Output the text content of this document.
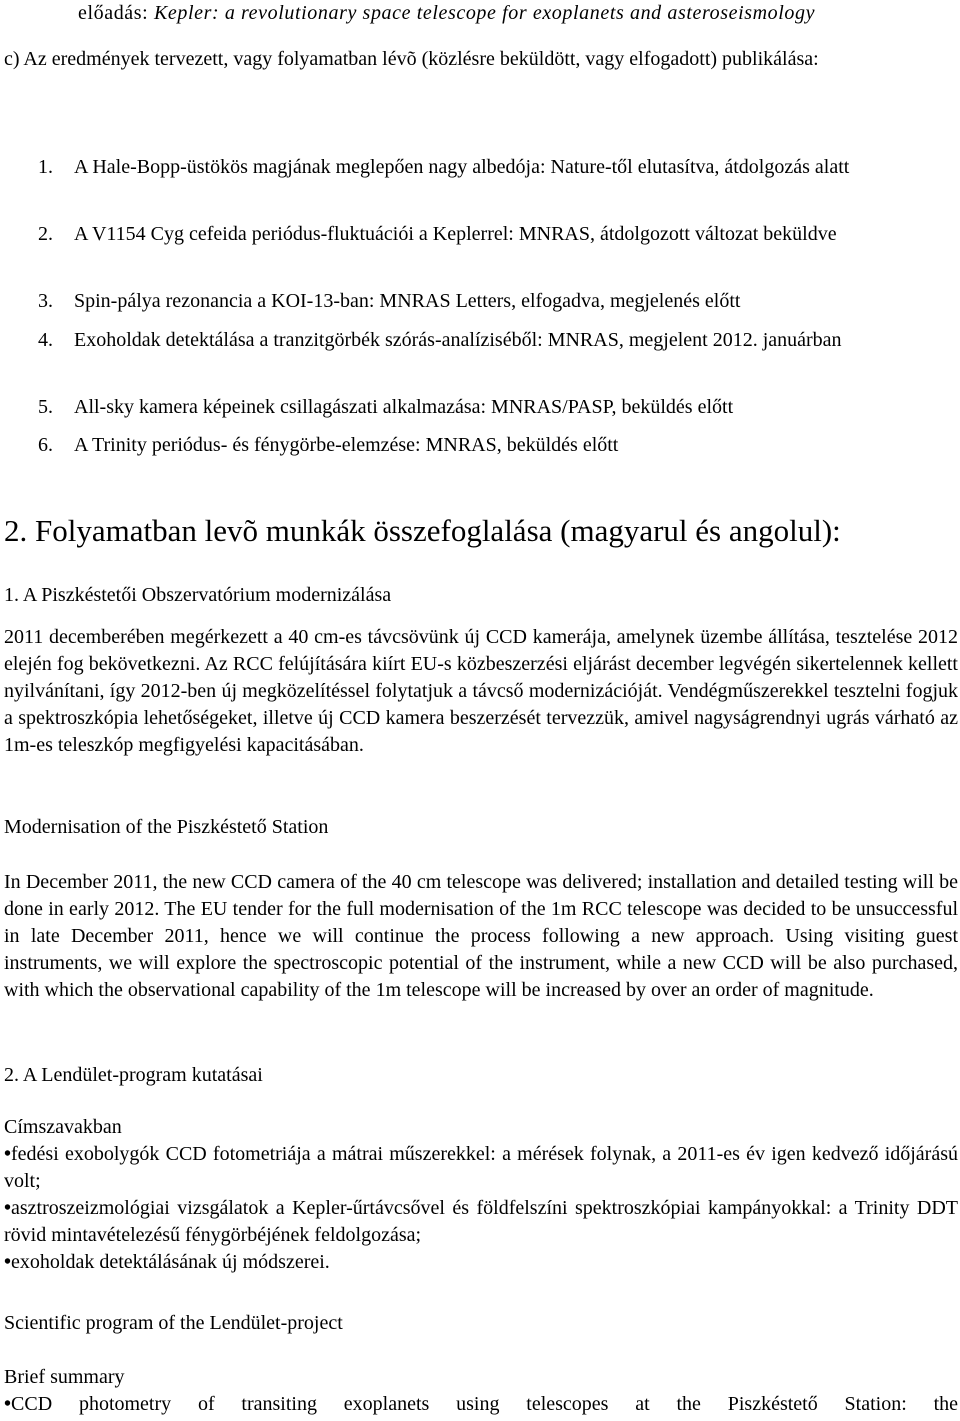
előadás: Kepler: a revolutionary space telescope for exoplanets and asteroseismology

c) Az eredmények tervezett, vagy folyamatban lévõ (közlésre beküldött, vagy elfogadott) publikálása:

1. A Hale-Bopp-üstökös magjának meglepően nagy albedója: Nature-től elutasítva, átdolgozás alatt
2. A V1154 Cyg cefeida periódus-fluktuációi a Keplerrel: MNRAS, átdolgozott változat beküldve
3. Spin-pálya rezonancia a KOI-13-ban: MNRAS Letters, elfogadva, megjelenés előtt
4. Exoholdak detektálása a tranzitgörbék szórás-analíziséből: MNRAS, megjelent 2012. januárban
5. All-sky kamera képeinek csillagászati alkalmazása: MNRAS/PASP, beküldés előtt
6. A Trinity periódus- és fénygörbe-elemzése: MNRAS, beküldés előtt

2. Folyamatban levõ munkák összefoglalása (magyarul és angolul):

1. A Piszkéstetői Obszervatórium modernizálása

2011 decemberében megérkezett a 40 cm-es távcsövünk új CCD kamerája, amelynek üzembe állítása, tesztelése 2012 elején fog bekövetkezni. Az RCC felújítására kiírt EU-s közbeszerzési eljárást december legvégén sikertelennek kellett nyilvánítani, így 2012-ben új megközelítéssel folytatjuk a távcső modernizációját. Vendégműszerekkel tesztelni fogjuk a spektroszkópia lehetőségeket, illetve új CCD kamera beszerzését tervezzük, amivel nagyságrendnyi ugrás várható az 1m-es teleszkóp megfigyelési kapacitásában.

Modernisation of the Piszkéstető Station

In December 2011, the new CCD camera of the 40 cm telescope was delivered; installation and detailed testing will be done in early 2012. The EU tender for the full modernisation of the 1m RCC telescope was decided to be unsuccessful in late December 2011, hence we will continue the process following a new approach. Using visiting guest instruments, we will explore the spectroscopic potential of the instrument, while a new CCD will be also purchased, with which the observational capability of the 1m telescope will be increased by over an order of magnitude.

2. A Lendület-program kutatásai

Címszavakban

•fedési exobolygók CCD fotometriája a mátrai műszerekkel: a mérések folynak, a 2011-es év igen kedvező időjárású volt;
•asztroszeizmológiai vizsgálatok a Kepler-űrtávcsővel és földfelszíni spektroszkópiai kampányokkal: a Trinity DDT rövid mintavételezésű fénygörbéjének feldolgozása;
•exoholdak detektálásának új módszerei.

Scientific program of the Lendület-project

Brief summary

•CCD photometry of transiting exoplanets using telescopes at the Piszkéstető Station: the
